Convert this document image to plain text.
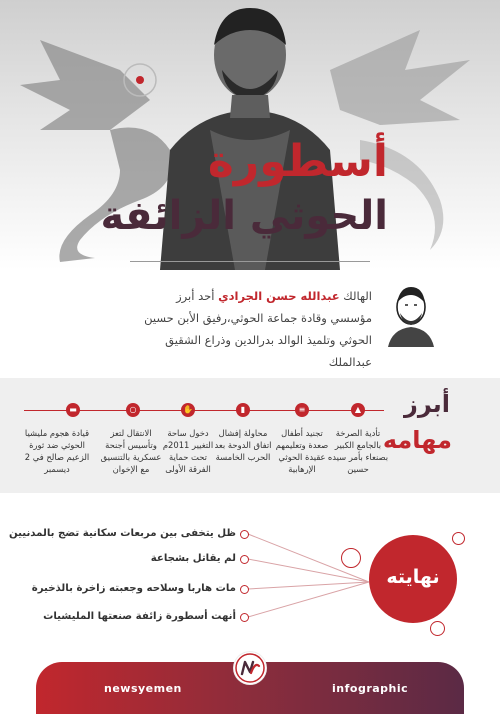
أسطورة
الحوثي الزائفة

الهالك عبدالله حسن الجرادي أحد أبرز مؤسسي وقادة جماعة الحوثي،رفيق الأبن حسين الحوثي وتلميذ الوالد بدرالدين وذراع الشقيق عبدالملك

أبرز
مهامه
▲
≡
▮
✋
○
▬
تأدية الصرخة بالجامع الكبير بصنعاء بأمر سيده حسين
تجنيد أطفال صعدة وتعليمهم عقيدة الحوثي الإرهابية
محاولة إفشال اتفاق الدوحة بعد الحرب الخامسة
دخول ساحة التغيير 2011م تحت حماية الفرقة الأولى
الانتقال لتعز وتأسيس أجنحة عسكرية بالتنسيق مع الإخوان
قيادة هجوم مليشيا الحوثي ضد ثورة الزعيم صالح في 2 ديسمبر
نهايته
ظل يتخفى بين مربعات سكانية تضج بالمدنيين
لم يقاتل بشجاعة
مات هاربا وسلاحه وجعبته زاخرة بالذخيرة
أنهت أسطورة زائفة صنعتها المليشيات
newsyemen	infographic
